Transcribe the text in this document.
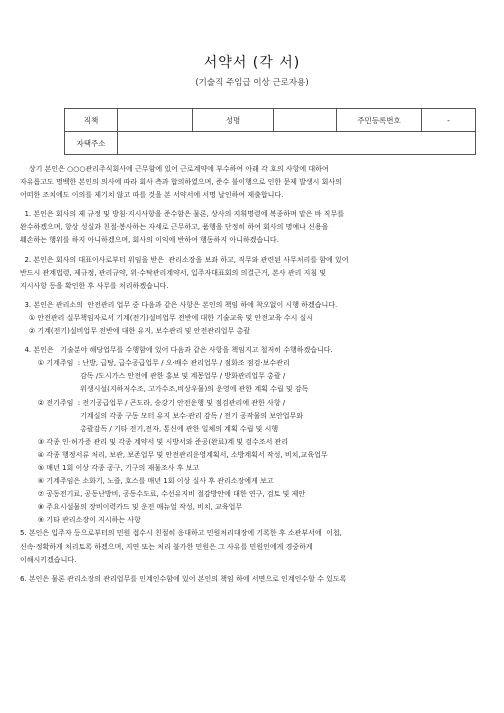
서약서 (각 서)
(기술직 주임급 이상 근로자용)
직책		성명		주민등록번호	-
자택주소					

상기 본인은 ○○○관리주식회사에 근무함에 있어 근로계약에 부수하여 아래 각 호의 사항에 대하여

자유롭고도 명백한 본인의 의사에 따라 회사 측과 합의하였으며, 준수 불이행으로 인한 문제 발생시 회사의

어떠한 조치에도 이의를 제기치 않고 따를 것을 본 서약서에 서명 날인하여 제출합니다.

1. 본인은 회사의 제 규정 및 방침·지시사항을 준수함은 물론, 상사의 지휘명령에 복종하며 맡은 바 직무를

완수하겠으며, 항상 성실과 친절·봉사하는 자세로 근무하고, 품행을 단정히 하여 회사의 명예나 신용을

훼손하는 행위를 하지 아니하겠으며, 회사의 이익에 반하여 행동하지 아니하겠습니다.

2. 본인은 회사의 대표이사로부터 위임을 받은  관리소장을 보좌 하고, 직무와 관련된 사무처리를 함에 있어

반드시 관계법령, 제규정, 관리규약, 위·수탁관리계약서, 입주자대표회의 의결근거, 본사 관리 지침 및

지시사항 등을 확인한 후 사무를 처리하겠습니다.

3. 본인은 관리소의  안전관리 업무 중 다음과 같은 사항은 본인의 책임 하에 착오없이 시행 하겠습니다.

① 안전관리 실무책임자로서 기계(전기)설비업무 전반에 대한 기술교육 및 안전교육 수시 실시

② 기계(전기)설비업무 전반에 대한 유지, 보수관리 및 안전관리업무 총괄

4. 본인은   기술분야 해당업무를 수행함에 있어 다음과 같은 사항을 책임지고 철저히 수행하겠습니다.

① 기계주임  : 난방, 급탕, 급수공급업무 / 오·배수 관리업무 / 점화조 점검·보수관리

감독 /도시가스 안전에 관한 홍보 및 계몽업무 / 방화관리업무 총괄 /

위생시설(지하저수조, 고가수조,비상우물)의 운영에 관한 계획 수립 및 감독

② 전기주임  : 전기공급업무 / 곤도라, 승강기 안전운행 및 점검관리에 관한 사항 /

기계실의 각종 구동 모터 유지 보수·관리 감독 / 전기 공작물의 보안업무와

총괄감독 / 기타 전기,전자, 통신에 관한 일체의 계획 수립 및 시행

③ 각종 인·허가증 관리 및 각종 계약서 및 시방서와 준공(완료)계 및 검수조서 관리

④ 각종 행정서류 처리, 보관, 보존업무 및 안전관리운영계획서, 소방계획서 작성, 비치,교육업무

⑤ 매년 1회 이상 각종 공구, 기구의 재물조사 후 보고

⑥ 기계주임은 소화기, 노즐, 호스를 매년 1회 이상 실사 후 관리소장에게 보고

⑦ 공동전기료, 공동난방비, 공동수도료, 수선유지비 절감방안에 대한 연구, 검토 및 제안

⑧ 주요시설물의 장비이력카드 및 운전 매뉴얼 작성, 비치, 교육업무

⑨ 기타 관리소장이 지시하는 사항

5. 본인은 입주자 등으로부터의 민원 접수시 친절히 응대하고 민원처리대장에 기록한 후 소관부서에  이첩,

신속·정확하게 처리토록 하겠으며, 지연 또는 처리 불가한 민원은 그 사유를 민원인에게 경중하게

이해시키겠습니다.

6. 본인은 물론 관리소장의 관리업무를 인계인수함에 있어 본인의 책임 하에 서면으로 인계인수할 수 있도록
